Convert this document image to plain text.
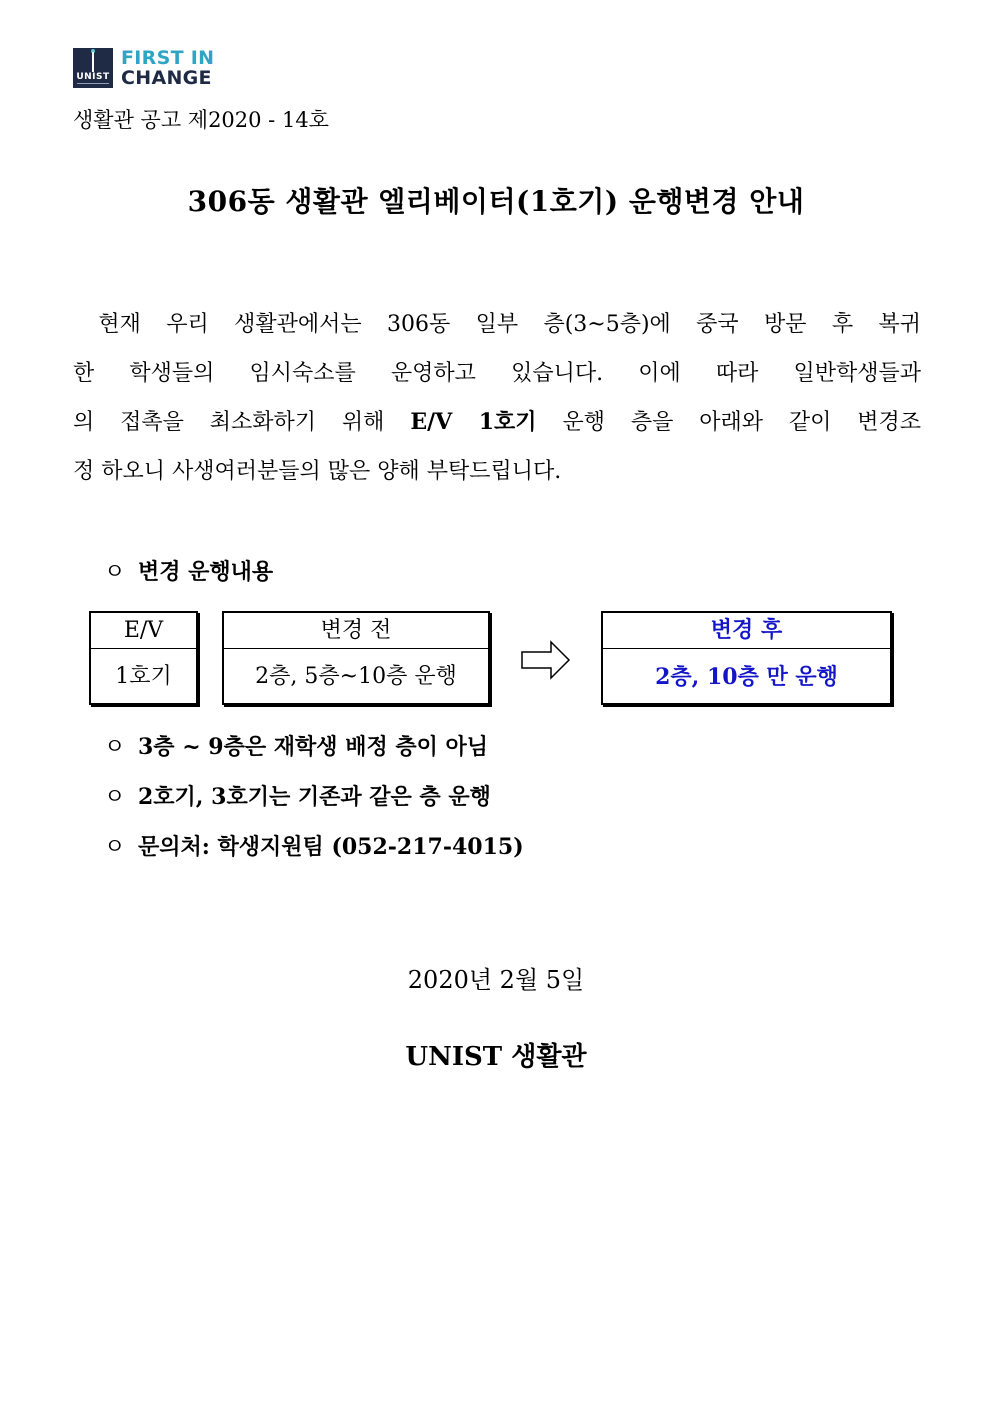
UNIST
FIRST IN
CHANGE
생활관 공고 제2020 - 14호
306동 생활관 엘리베이터(1호기) 운행변경 안내
현재 우리 생활관에서는 306동 일부 층(3~5층)에 중국 방문 후 복귀
한 학생들의 임시숙소를 운영하고 있습니다. 이에 따라 일반학생들과
의 접촉을 최소화하기 위해 E/V 1호기 운행 층을 아래와 같이 변경조
정 하오니 사생여러분들의 많은 양해 부탁드립니다.
ㅇ 변경 운행내용
E/V
1호기
변경 전
2층, 5층~10층 운행
변경 후
2층, 10층 만 운행
ㅇ 3층 ~ 9층은 재학생 배정 층이 아님
ㅇ 2호기, 3호기는 기존과 같은 층 운행
ㅇ 문의처: 학생지원팀 (052-217-4015)
2020년 2월 5일
UNIST 생활관
